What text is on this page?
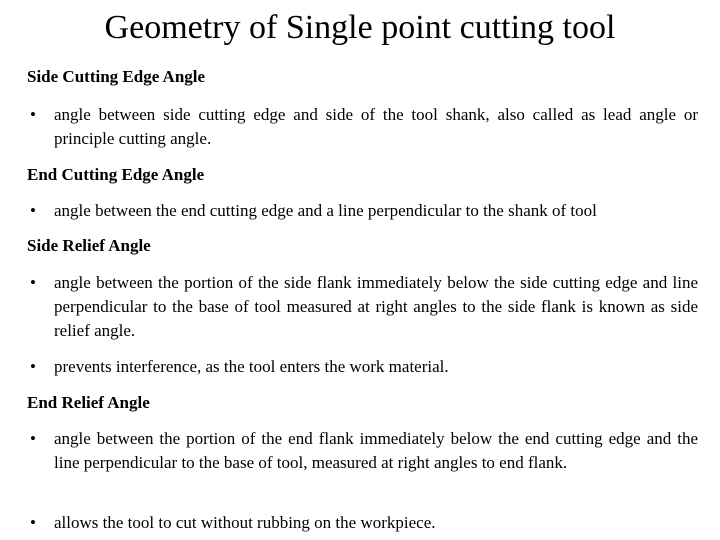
Geometry of Single point cutting tool
Side Cutting Edge Angle
• angle between side cutting edge and side of the tool shank, also called as lead angle or principle cutting angle.
End Cutting Edge Angle
• angle between the end cutting edge and a line perpendicular to the shank of tool
Side Relief Angle
• angle between the portion of the side flank immediately below the side cutting edge and line perpendicular to the base of tool measured at right angles to the side flank is known as side relief angle.
• prevents interference, as the tool enters the work material.
End Relief Angle
• angle between the portion of the end flank immediately below the end cutting edge and the line perpendicular to the base of tool, measured at right angles to end flank.
• allows the tool to cut without rubbing on the workpiece.
